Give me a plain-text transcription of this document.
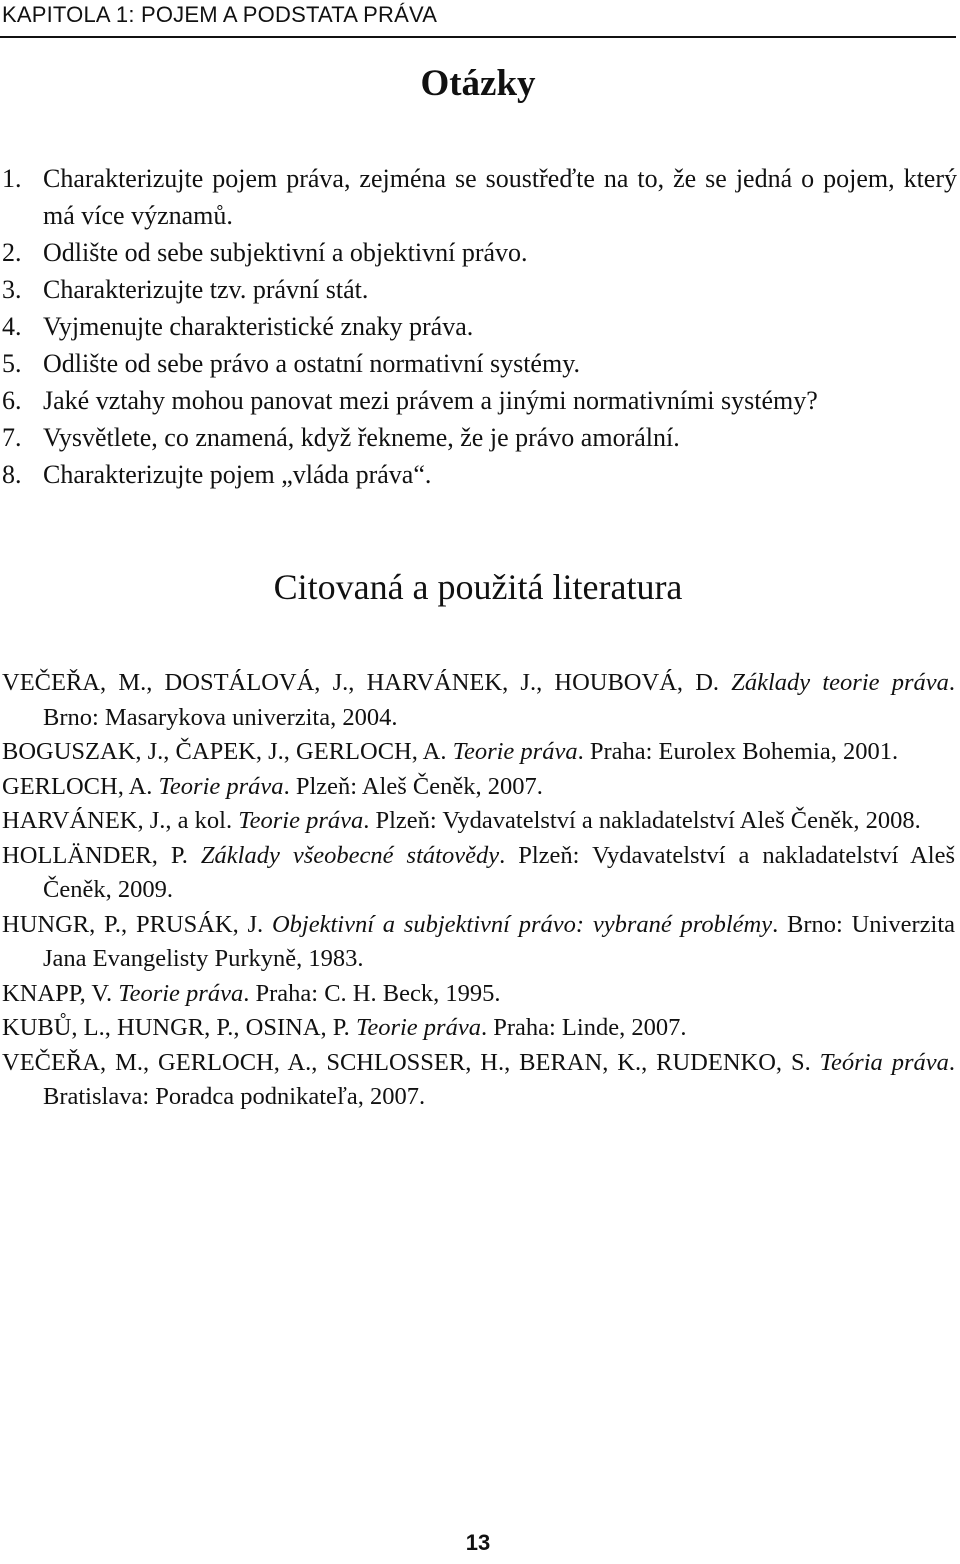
KAPITOLA 1: POJEM A PODSTATA PRÁVA
Otázky
1. Charakterizujte pojem práva, zejména se soustřeďte na to, že se jedná o pojem, který má více významů.
2. Odlište od sebe subjektivní a objektivní právo.
3. Charakterizujte tzv. právní stát.
4. Vyjmenujte charakteristické znaky práva.
5. Odlište od sebe právo a ostatní normativní systémy.
6. Jaké vztahy mohou panovat mezi právem a jinými normativními systémy?
7. Vysvětlete, co znamená, když řekneme, že je právo amorální.
8. Charakterizujte pojem „vláda práva“.
Citovaná a použitá literatura
VEČEŘA, M., DOSTÁLOVÁ, J., HARVÁNEK, J., HOUBOVÁ, D. Základy teorie práva. Brno: Masarykova univerzita, 2004.
BOGUSZAK, J., ČAPEK, J., GERLOCH, A. Teorie práva. Praha: Eurolex Bohemia, 2001.
GERLOCH, A. Teorie práva. Plzeň: Aleš Čeněk, 2007.
HARVÁNEK, J., a kol. Teorie práva. Plzeň: Vydavatelství a nakladatelství Aleš Čeněk, 2008.
HOLLÄNDER, P. Základy všeobecné státovědy. Plzeň: Vydavatelství a nakladatelství Aleš Čeněk, 2009.
HUNGR, P., PRUSÁK, J. Objektivní a subjektivní právo: vybrané problémy. Brno: Univerzita Jana Evangelisty Purkyně, 1983.
KNAPP, V. Teorie práva. Praha: C. H. Beck, 1995.
KUBŮ, L., HUNGR, P., OSINA, P. Teorie práva. Praha: Linde, 2007.
VEČEŘA, M., GERLOCH, A., SCHLOSSER, H., BERAN, K., RUDENKO, S. Teória práva. Bratislava: Poradca podnikateľa, 2007.
13
